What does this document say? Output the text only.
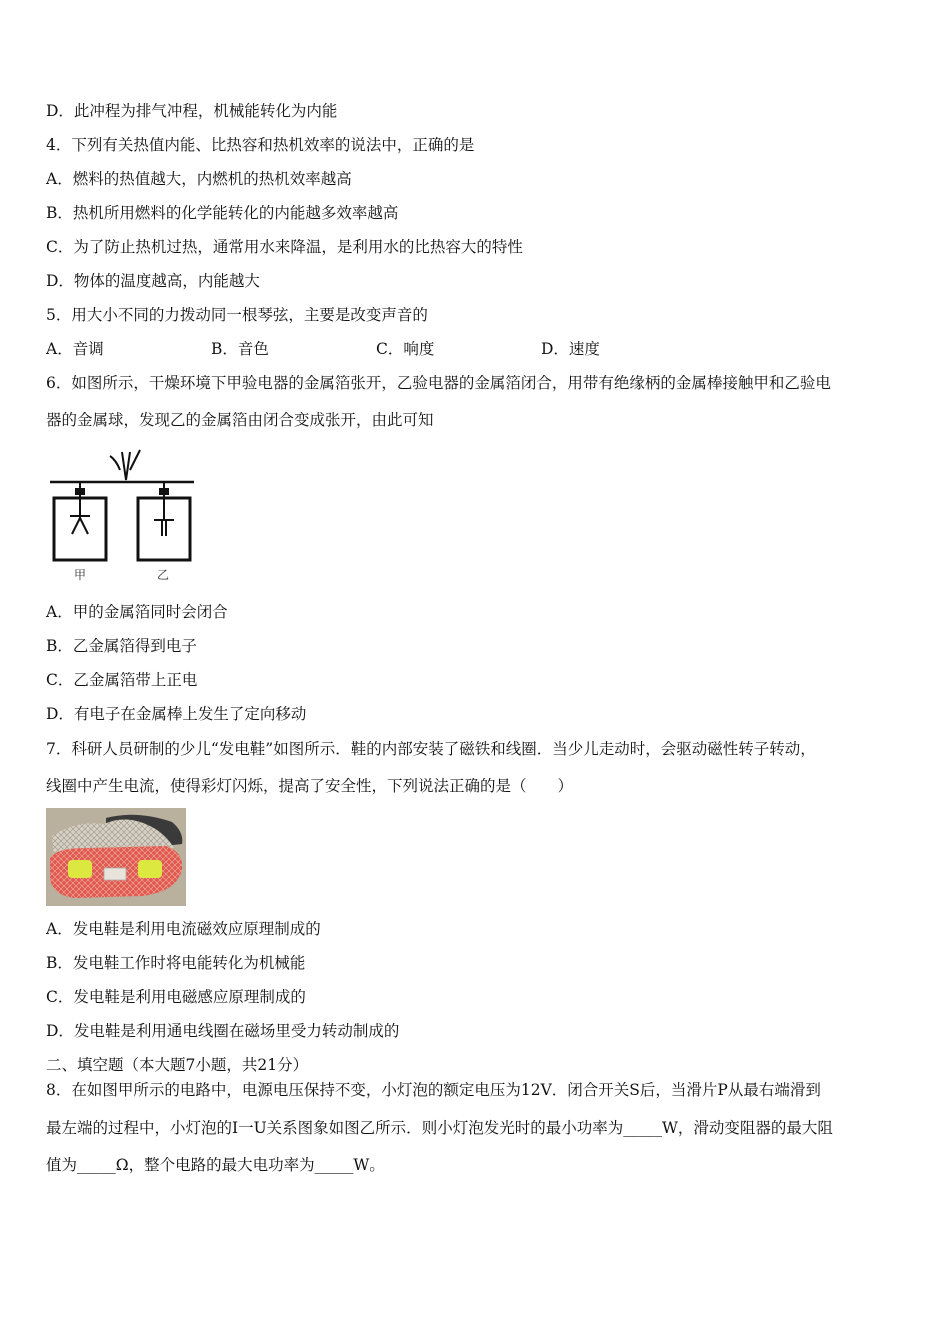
D．此冲程为排气冲程，机械能转化为内能
4．下列有关热值内能、比热容和热机效率的说法中，正确的是
A．燃料的热值越大，内燃机的热机效率越高
B．热机所用燃料的化学能转化的内能越多效率越高
C．为了防止热机过热，通常用水来降温，是利用水的比热容大的特性
D．物体的温度越高，内能越大
5．用大小不同的力拨动同一根琴弦，主要是改变声音的
A．音调	B．音色	C．响度	D．速度
6．如图所示，干燥环境下甲验电器的金属箔张开，乙验电器的金属箔闭合，用带有绝缘柄的金属棒接触甲和乙验电
器的金属球，发现乙的金属箔由闭合变成张开，由此可知
甲	乙
A．甲的金属箔同时会闭合
B．乙金属箔得到电子
C．乙金属箔带上正电
D．有电子在金属棒上发生了定向移动
7．科研人员研制的少儿“发电鞋”如图所示．鞋的内部安装了磁铁和线圈．当少儿走动时，会驱动磁性转子转动，
线圈中产生电流，使得彩灯闪烁，提高了安全性，下列说法正确的是（　　）
A．发电鞋是利用电流磁效应原理制成的
B．发电鞋工作时将电能转化为机械能
C．发电鞋是利用电磁感应原理制成的
D．发电鞋是利用通电线圈在磁场里受力转动制成的
二、填空题（本大题7小题，共21分）
8．在如图甲所示的电路中，电源电压保持不变，小灯泡的额定电压为12V．闭合开关S后，当滑片P从最右端滑到
最左端的过程中，小灯泡的I一U关系图象如图乙所示．则小灯泡发光时的最小功率为_____W，滑动变阻器的最大阻
值为_____Ω，整个电路的最大电功率为_____W。
